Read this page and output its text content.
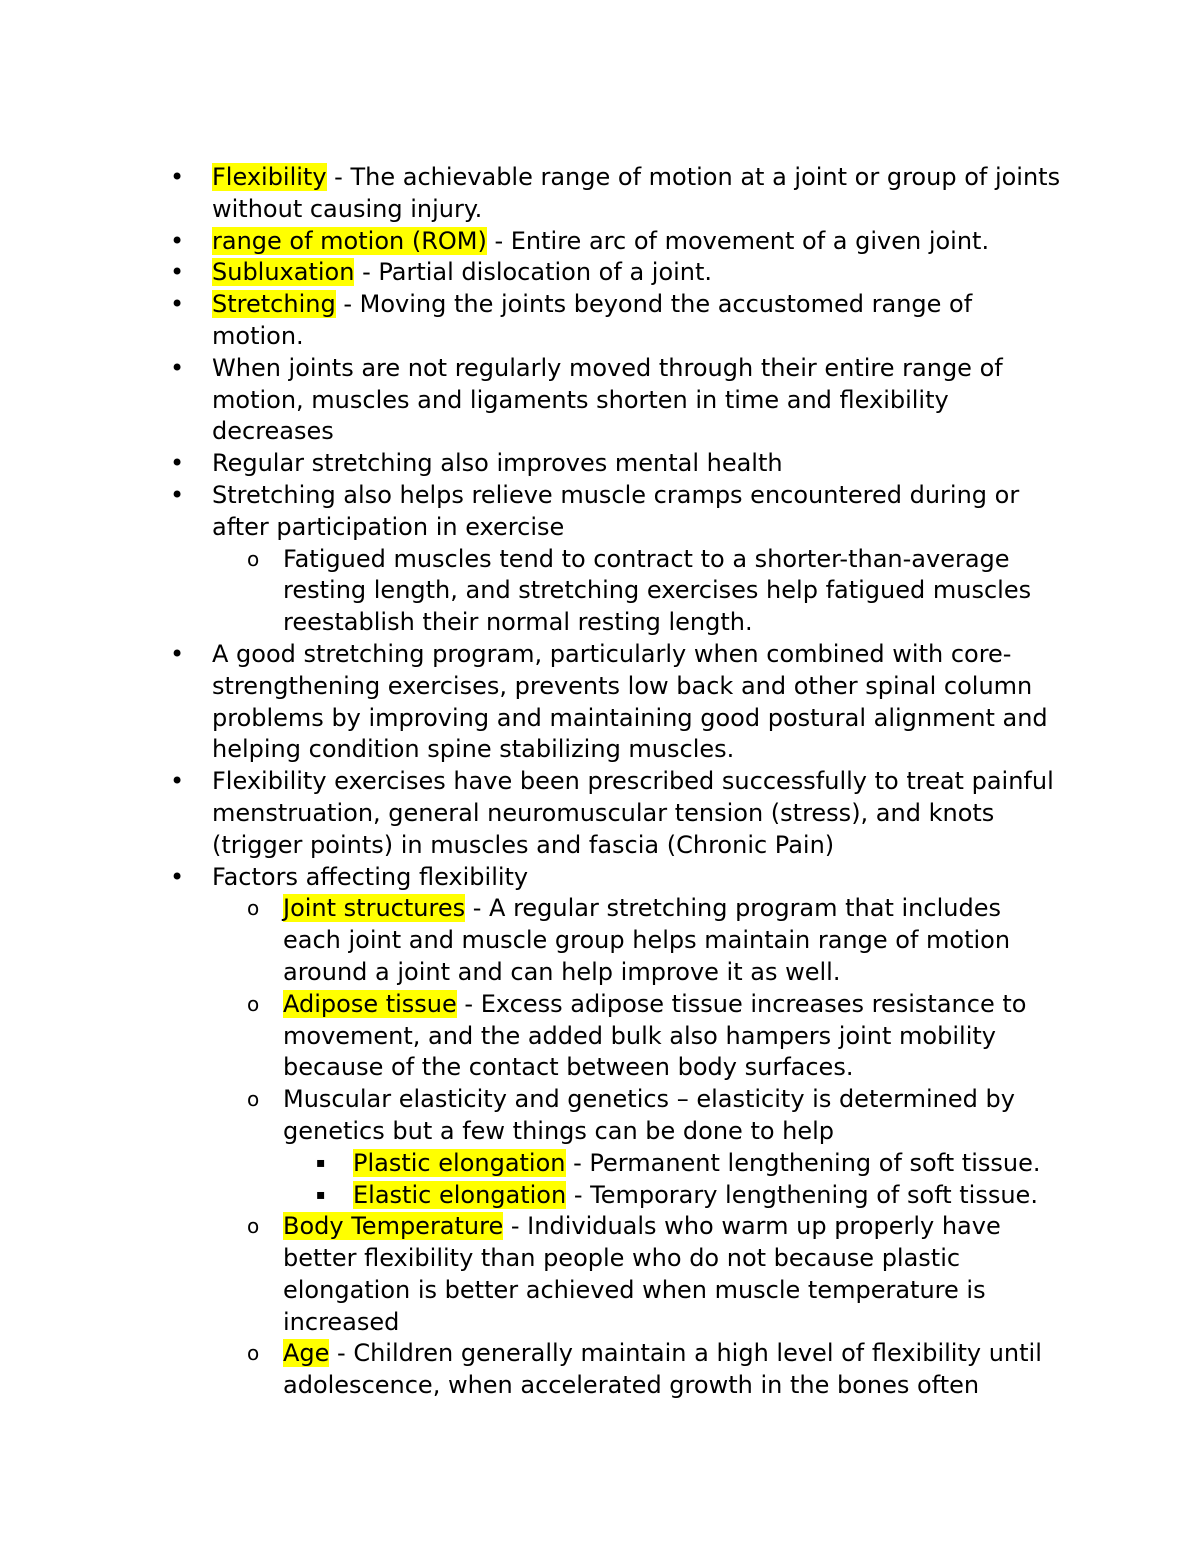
• Flexibility - The achievable range of motion at a joint or group of joints without causing injury.
• range of motion (ROM) - Entire arc of movement of a given joint.
• Subluxation - Partial dislocation of a joint.
• Stretching - Moving the joints beyond the accustomed range of motion.
• When joints are not regularly moved through their entire range of motion, muscles and ligaments shorten in time and flexibility decreases
• Regular stretching also improves mental health
• Stretching also helps relieve muscle cramps encountered during or after participation in exercise
o Fatigued muscles tend to contract to a shorter-than-average resting length, and stretching exercises help fatigued muscles reestablish their normal resting length.
• A good stretching program, particularly when combined with core-strengthening exercises, prevents low back and other spinal column problems by improving and maintaining good postural alignment and helping condition spine stabilizing muscles.
• Flexibility exercises have been prescribed successfully to treat painful menstruation, general neuromuscular tension (stress), and knots (trigger points) in muscles and fascia (Chronic Pain)
• Factors affecting flexibility
o Joint structures - A regular stretching program that includes each joint and muscle group helps maintain range of motion around a joint and can help improve it as well.
o Adipose tissue - Excess adipose tissue increases resistance to movement, and the added bulk also hampers joint mobility because of the contact between body surfaces.
o Muscular elasticity and genetics – elasticity is determined by genetics but a few things can be done to help
▪ Plastic elongation - Permanent lengthening of soft tissue.
▪ Elastic elongation - Temporary lengthening of soft tissue.
o Body Temperature - Individuals who warm up properly have better flexibility than people who do not because plastic elongation is better achieved when muscle temperature is increased
o Age - Children generally maintain a high level of flexibility until adolescence, when accelerated growth in the bones often
